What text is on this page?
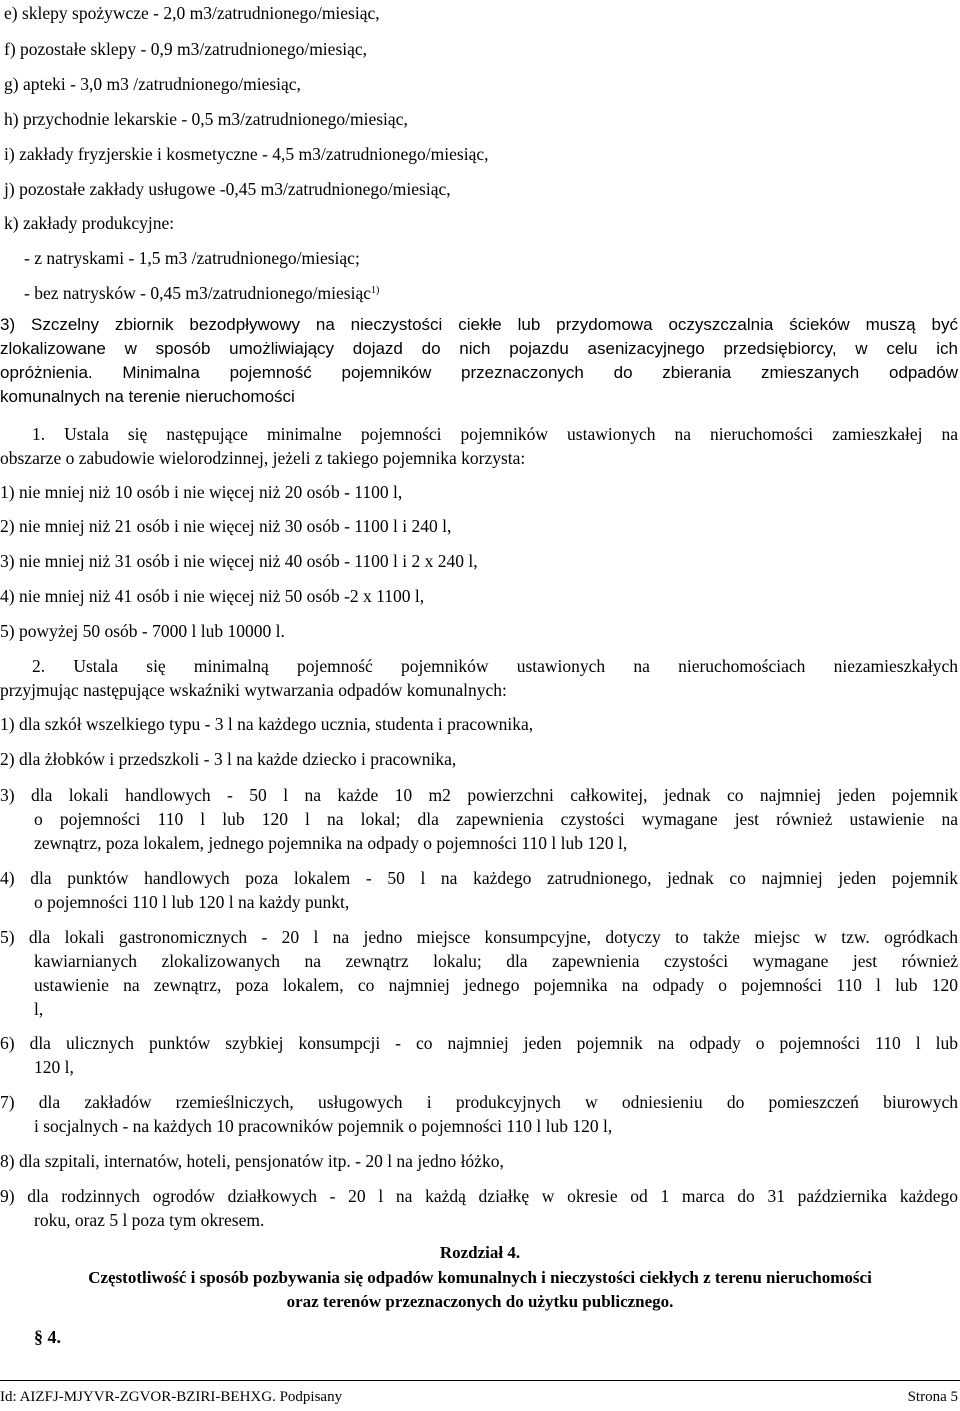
e) sklepy spożywcze - 2,0 m3/zatrudnionego/miesiąc,
f) pozostałe sklepy - 0,9 m3/zatrudnionego/miesiąc,
g) apteki - 3,0 m3 /zatrudnionego/miesiąc,
h) przychodnie lekarskie - 0,5 m3/zatrudnionego/miesiąc,
i) zakłady fryzjerskie i kosmetyczne - 4,5 m3/zatrudnionego/miesiąc,
j) pozostałe zakłady usługowe -0,45 m3/zatrudnionego/miesiąc,
k) zakłady produkcyjne:
- z natryskami - 1,5 m3 /zatrudnionego/miesiąc;
- bez natrysków - 0,45 m3/zatrudnionego/miesiąc$^{1)}$
3) Szczelny zbiornik bezodpływowy na nieczystości ciekłe lub przydomowa oczyszczalnia ścieków muszą być
zlokalizowane w sposób umożliwiający dojazd do nich pojazdu asenizacyjnego przedsiębiorcy, w celu ich
opróżnienia. Minimalna pojemność pojemników przeznaczonych do zbierania zmieszanych odpadów
komunalnych na terenie nieruchomości
1. Ustala się następujące minimalne pojemności pojemników ustawionych na nieruchomości zamieszkałej na
obszarze o zabudowie wielorodzinnej, jeżeli z takiego pojemnika korzysta:
1) nie mniej niż 10 osób i nie więcej niż 20 osób - 1100 l,
2) nie mniej niż 21 osób i nie więcej niż 30 osób - 1100 l i 240 l,
3) nie mniej niż 31 osób i nie więcej niż 40 osób - 1100 l i 2 x 240 l,
4) nie mniej niż 41 osób i nie więcej niż 50 osób -2 x 1100 l,
5) powyżej 50 osób - 7000 l lub 10000 l.
2. Ustala się minimalną pojemność pojemników ustawionych na nieruchomościach niezamieszkałych
przyjmując następujące wskaźniki wytwarzania odpadów komunalnych:
1) dla szkół wszelkiego typu - 3 l na każdego ucznia, studenta i pracownika,
2) dla żłobków i przedszkoli - 3 l na każde dziecko i pracownika,
3) dla lokali handlowych - 50 l na każde 10 m2 powierzchni całkowitej, jednak co najmniej jeden pojemnik
o pojemności 110 l lub 120 l na lokal; dla zapewnienia czystości wymagane jest również ustawienie na
zewnątrz, poza lokalem, jednego pojemnika na odpady o pojemności 110 l lub 120 l,
4) dla punktów handlowych poza lokalem - 50 l na każdego zatrudnionego, jednak co najmniej jeden pojemnik
o pojemności 110 l lub 120 l na każdy punkt,
5) dla lokali gastronomicznych - 20 l na jedno miejsce konsumpcyjne, dotyczy to także miejsc w tzw. ogródkach
kawiarnianych zlokalizowanych na zewnątrz lokalu; dla zapewnienia czystości wymagane jest również
ustawienie na zewnątrz, poza lokalem, co najmniej jednego pojemnika na odpady o pojemności 110 l lub 120
l,
6) dla ulicznych punktów szybkiej konsumpcji - co najmniej jeden pojemnik na odpady o pojemności 110 l lub
120 l,
7) dla zakładów rzemieślniczych, usługowych i produkcyjnych w odniesieniu do pomieszczeń biurowych
i socjalnych - na każdych 10 pracowników pojemnik o pojemności 110 l lub 120 l,
8) dla szpitali, internatów, hoteli, pensjonatów itp. - 20 l na jedno łóżko,
9) dla rodzinnych ogrodów działkowych - 20 l na każdą działkę w okresie od 1 marca do 31 października każdego
roku, oraz 5 l poza tym okresem.
Rozdział 4.
Częstotliwość i sposób pozbywania się odpadów komunalnych i nieczystości ciekłych z terenu nieruchomości
oraz terenów przeznaczonych do użytku publicznego.
§ 4.
Id: AIZFJ-MJYVR-ZGVOR-BZIRI-BEHXG. Podpisany	Strona 5
